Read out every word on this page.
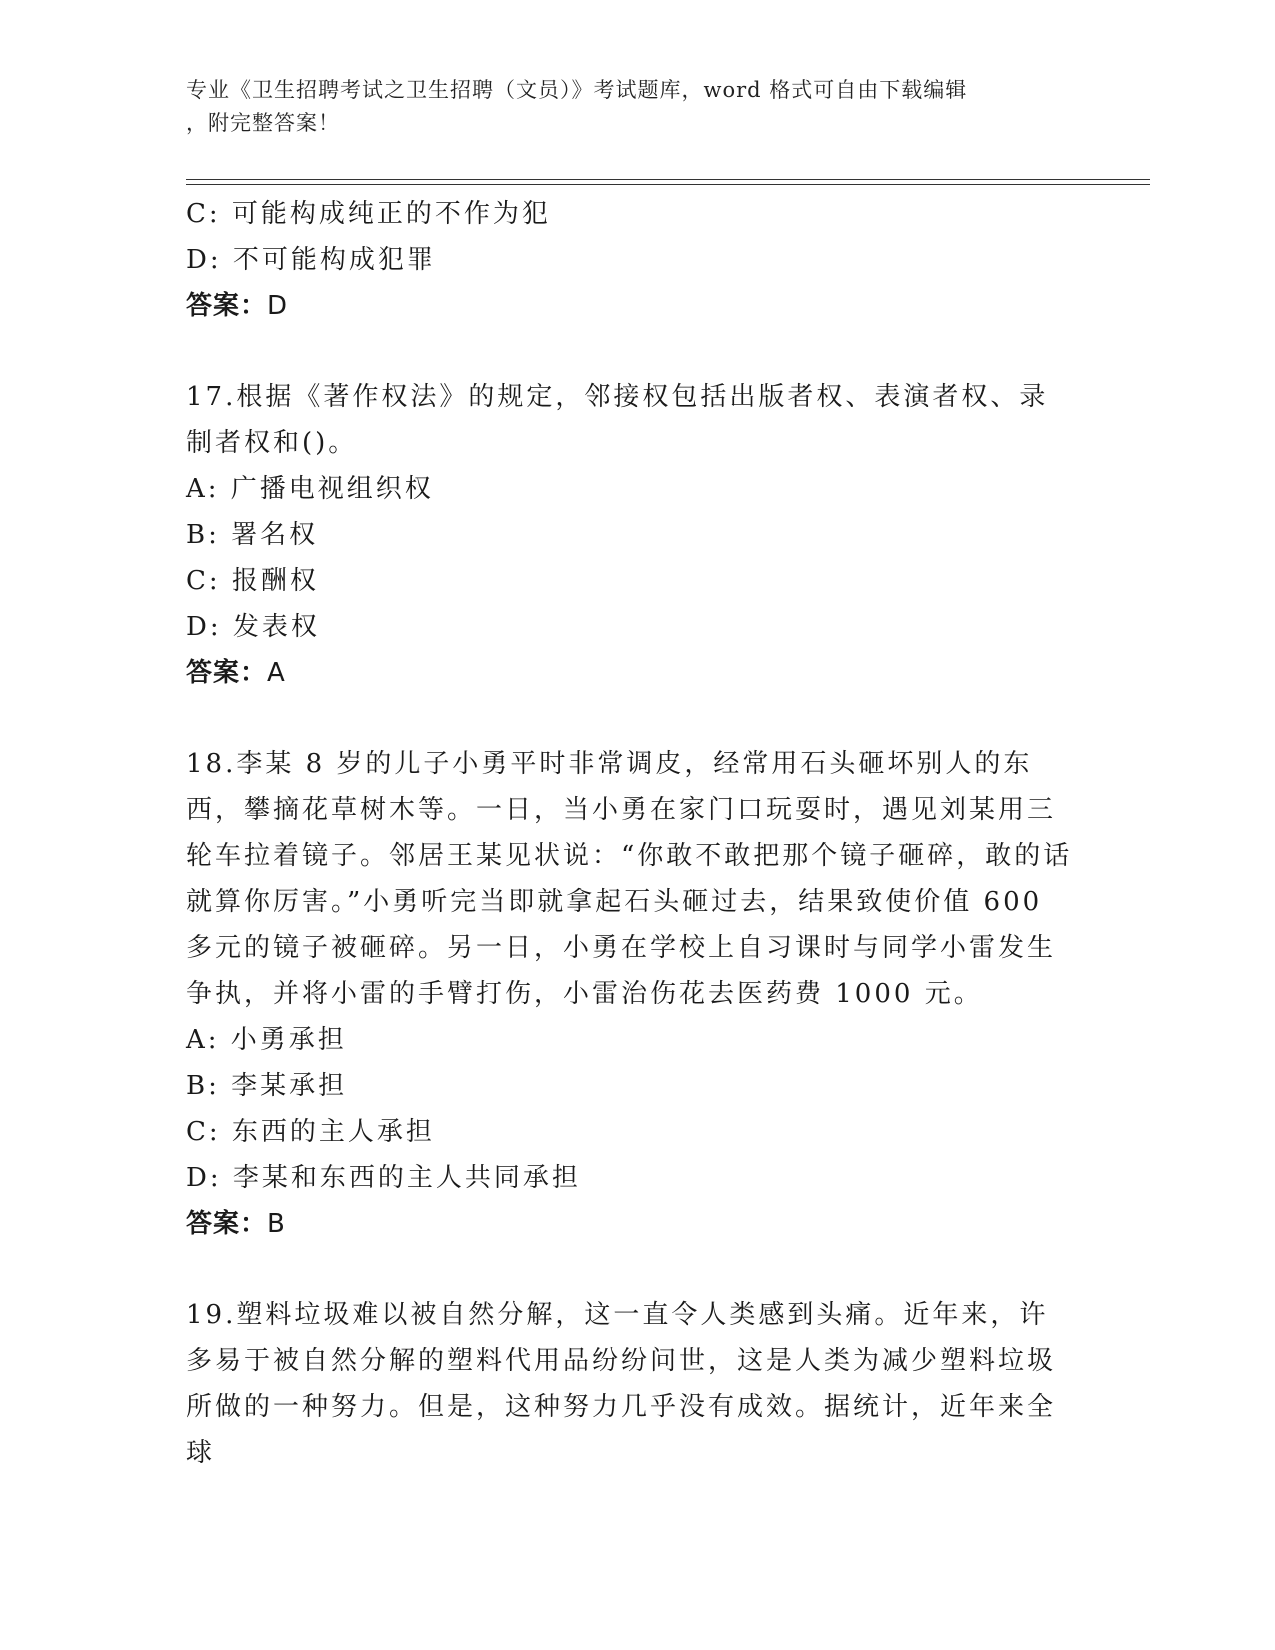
专业《卫生招聘考试之卫生招聘（文员）》考试题库，word 格式可自由下载编辑
，附完整答案！
C: 可能构成纯正的不作为犯
D: 不可能构成犯罪
答案：D
17.根据《著作权法》的规定，邻接权包括出版者权、表演者权、录制者权和()。
A: 广播电视组织权
B: 署名权
C: 报酬权
D: 发表权
答案：A
18.李某 8 岁的儿子小勇平时非常调皮，经常用石头砸坏别人的东西，攀摘花草树木等。一日，当小勇在家门口玩耍时，遇见刘某用三轮车拉着镜子。邻居王某见状说：“你敢不敢把那个镜子砸碎，敢的话就算你厉害。”小勇听完当即就拿起石头砸过去，结果致使价值 600 多元的镜子被砸碎。另一日，小勇在学校上自习课时与同学小雷发生争执，并将小雷的手臂打伤，小雷治伤花去医药费 1000 元。
A: 小勇承担
B: 李某承担
C: 东西的主人承担
D: 李某和东西的主人共同承担
答案：B
19.塑料垃圾难以被自然分解，这一直令人类感到头痛。近年来，许多易于被自然分解的塑料代用品纷纷问世，这是人类为减少塑料垃圾所做的一种努力。但是，这种努力几乎没有成效。据统计，近年来全球
